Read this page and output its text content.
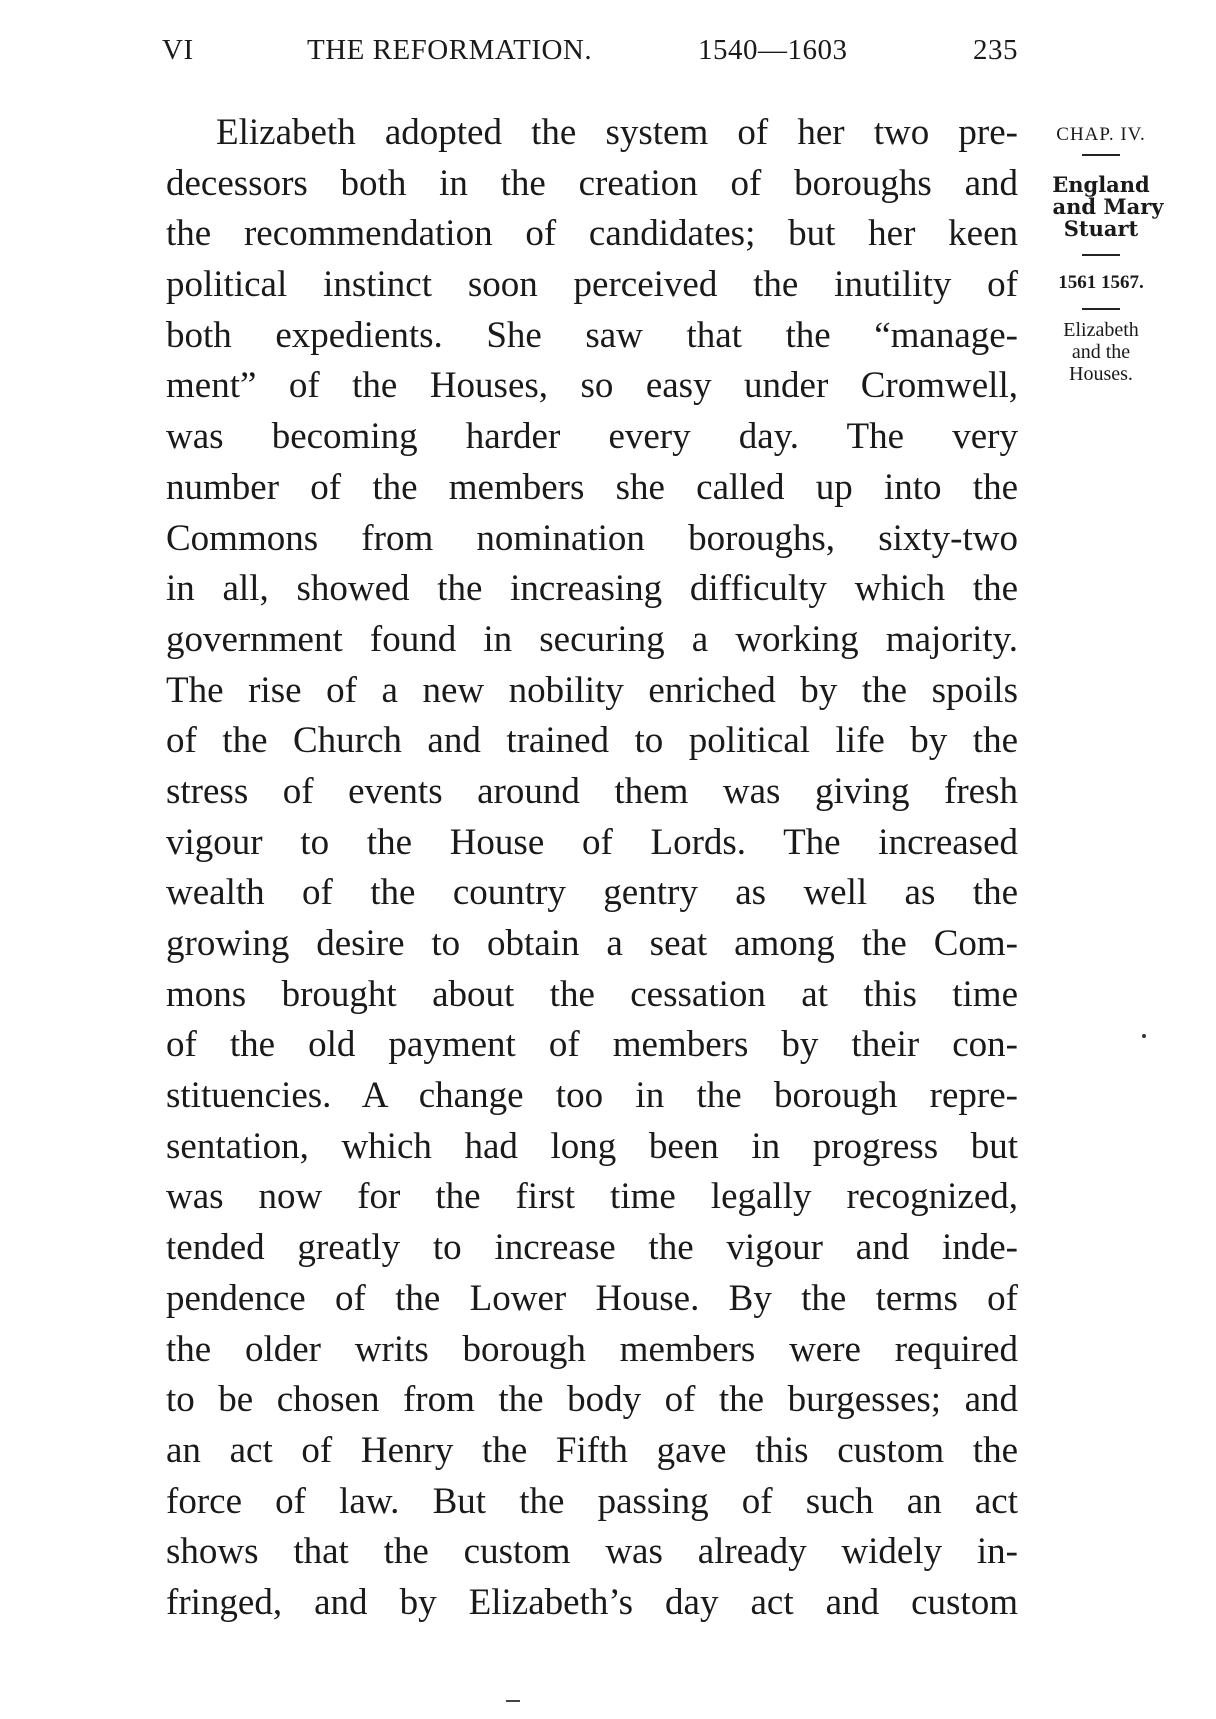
VI	THE REFORMATION.	1540—1603	235
Elizabeth adopted the system of her two pre-
decessors both in the creation of boroughs and
the recommendation of candidates; but her keen
political instinct soon perceived the inutility of
both expedients. She saw that the “manage-
ment” of the Houses, so easy under Cromwell,
was becoming harder every day. The very
number of the members she called up into the
Commons from nomination boroughs, sixty-two
in all, showed the increasing difficulty which the
government found in securing a working majority.
The rise of a new nobility enriched by the spoils
of the Church and trained to political life by the
stress of events around them was giving fresh
vigour to the House of Lords. The increased
wealth of the country gentry as well as the
growing desire to obtain a seat among the Com-
mons brought about the cessation at this time
of the old payment of members by their con-
stituencies. A change too in the borough repre-
sentation, which had long been in progress but
was now for the first time legally recognized,
tended greatly to increase the vigour and inde-
pendence of the Lower House. By the terms of
the older writs borough members were required
to be chosen from the body of the burgesses; and
an act of Henry the Fifth gave this custom the
force of law. But the passing of such an act
shows that the custom was already widely in-
fringed, and by Elizabeth’s day act and custom
CHAP. IV.
England
and Mary
Stuart
1561 1567.
Elizabeth
and the
Houses.
